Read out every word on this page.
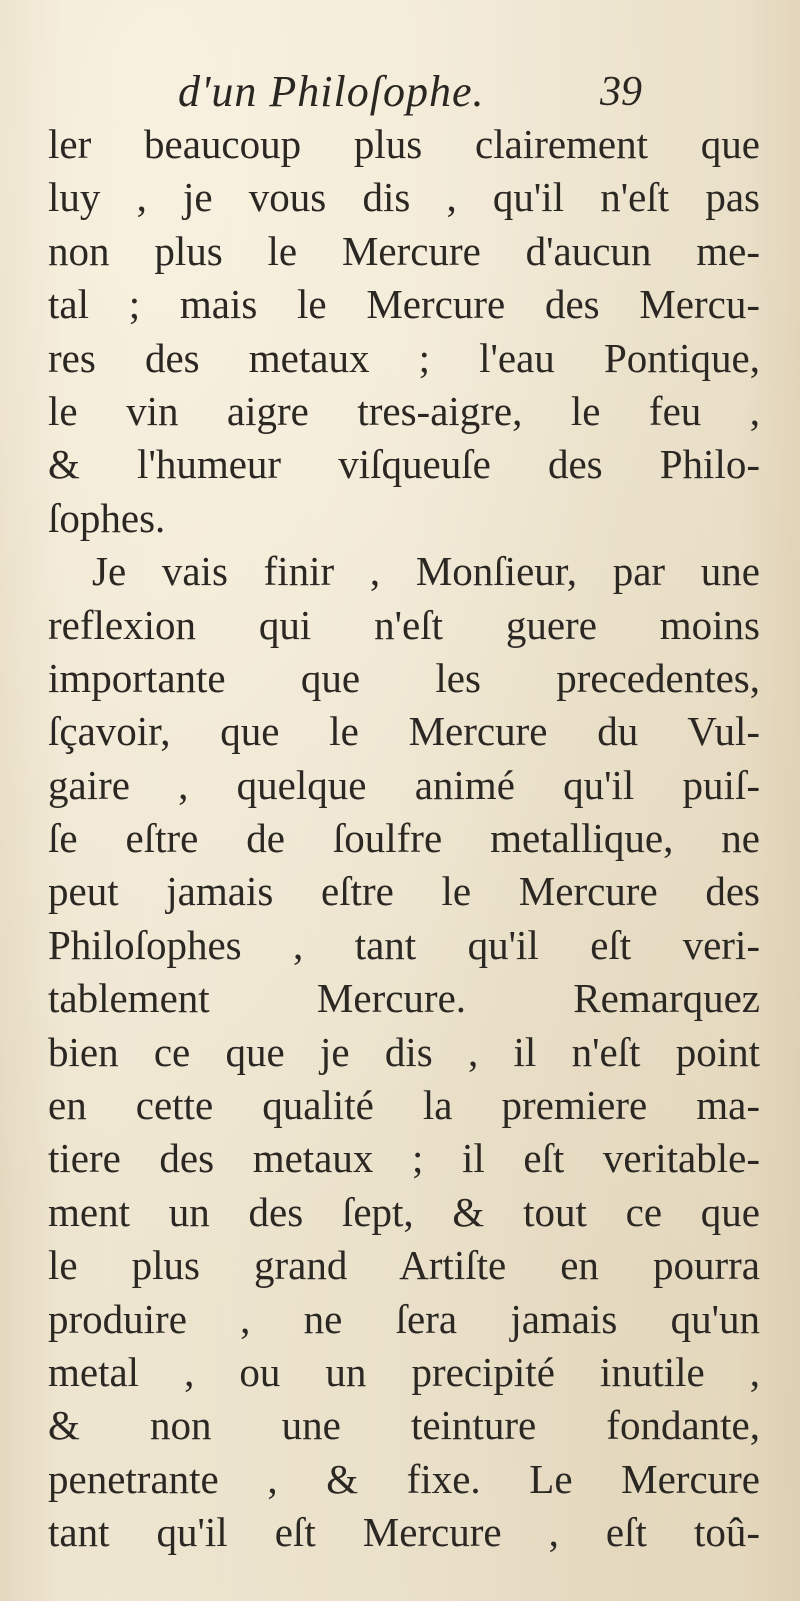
d'un Philoſophe.	39
ler beaucoup plus clairement que
luy , je vous dis , qu'il n'eſt pas
non plus le Mercure d'aucun me-
tal ; mais le Mercure des Mercu-
res des metaux ; l'eau Pontique,
le vin aigre tres-aigre, le feu ,
& l'humeur viſqueuſe des Philo-
ſophes.
Je vais finir , Monſieur, par une
reflexion qui n'eſt guere moins
importante que les precedentes,
ſçavoir, que le Mercure du Vul-
gaire , quelque animé qu'il puiſ-
ſe eſtre de ſoulfre metallique, ne
peut jamais eſtre le Mercure des
Philoſophes , tant qu'il eſt veri-
tablement Mercure. Remarquez
bien ce que je dis , il n'eſt point
en cette qualité la premiere ma-
tiere des metaux ; il eſt veritable-
ment un des ſept, & tout ce que
le plus grand Artiſte en pourra
produire , ne ſera jamais qu'un
metal , ou un precipité inutile ,
& non une teinture fondante,
penetrante , & fixe. Le Mercure
tant qu'il eſt Mercure , eſt toû-
